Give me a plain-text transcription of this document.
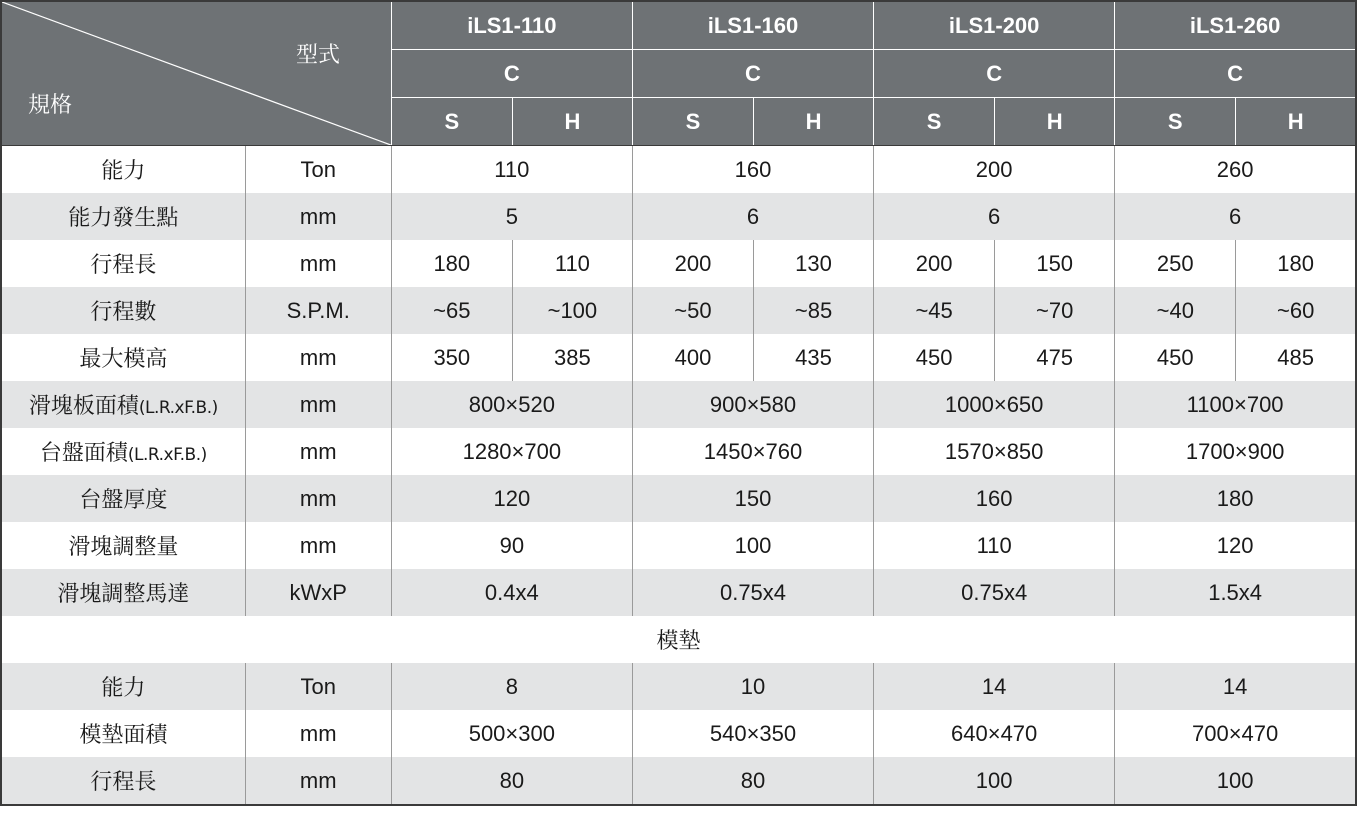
規格
型式		iLS1-110		iLS1-160		iLS1-200		iLS1-260	
		C		C		C		C	
		S	H	S	H	S	H	S	H
能力	Ton	110		160		200		260	
能力發生點	mm	5		6		6		6	
行程長	mm	180	110	200	130	200	150	250	180
行程數	S.P.M.	~65	~100	~50	~85	~45	~70	~40	~60
最大模高	mm	350	385	400	435	450	475	450	485
滑塊板面積(L.R.xF.B.)	mm	800×520		900×580		1000×650		1100×700	
台盤面積(L.R.xF.B.)	mm	1280×700		1450×760		1570×850		1700×900	
台盤厚度	mm	120		150		160		180	
滑塊調整量	mm	90		100		110		120	
滑塊調整馬達	kWxP	0.4x4		0.75x4		0.75x4		1.5x4	
模墊									
能力	Ton	8		10		14		14	
模墊面積	mm	500×300		540×350		640×470		700×470	
行程長	mm	80		80		100		100	
